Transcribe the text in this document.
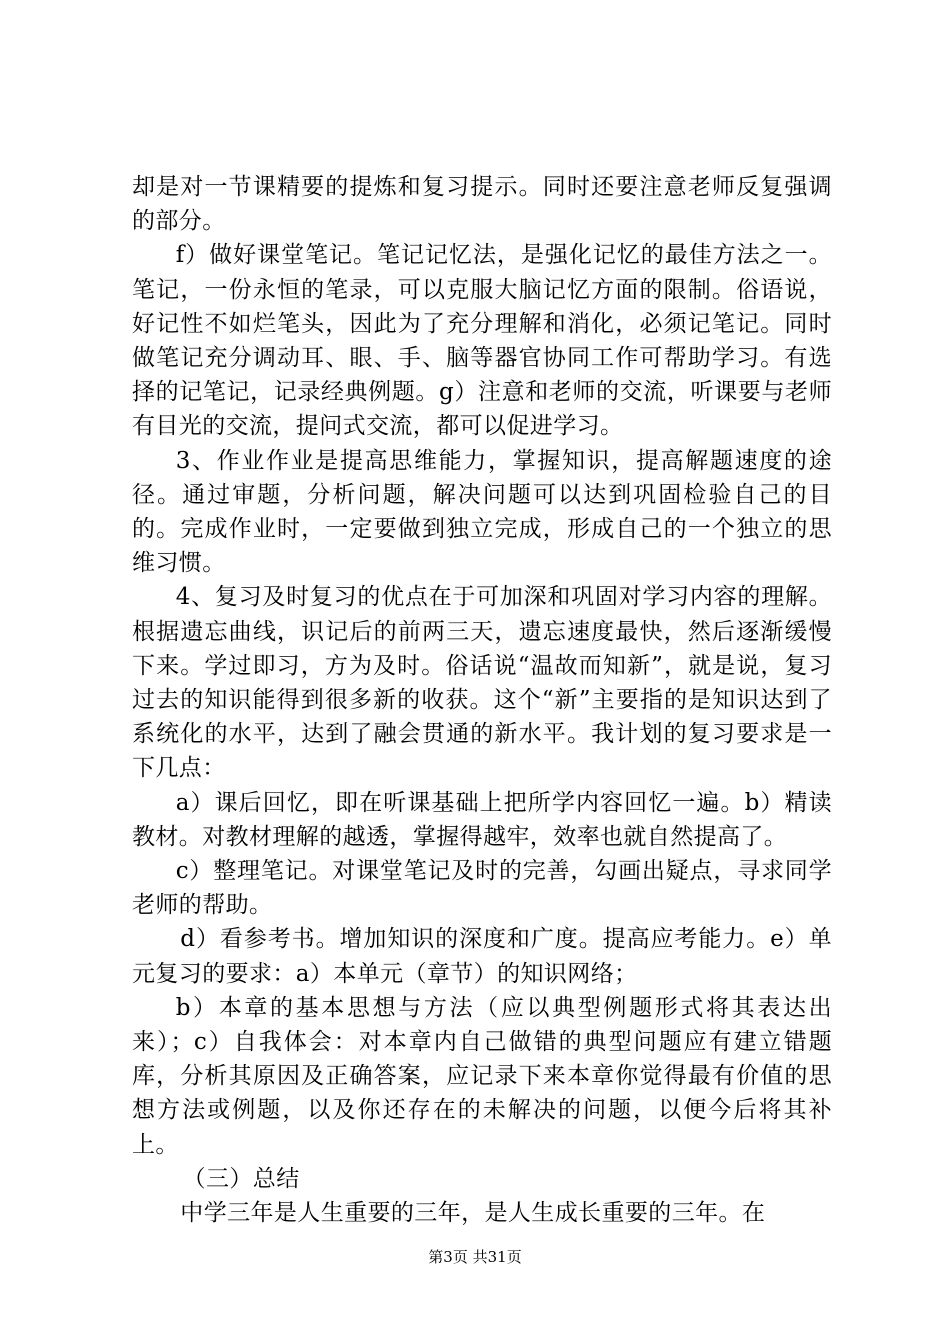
却是对一节课精要的提炼和复习提示。同时还要注意老师反复强调的部分。

f）做好课堂笔记。笔记记忆法，是强化记忆的最佳方法之一。笔记，一份永恒的笔录，可以克服大脑记忆方面的限制。俗语说，好记性不如烂笔头，因此为了充分理解和消化，必须记笔记。同时做笔记充分调动耳、眼、手、脑等器官协同工作可帮助学习。有选择的记笔记，记录经典例题。g）注意和老师的交流，听课要与老师有目光的交流，提问式交流，都可以促进学习。

3、作业作业是提高思维能力，掌握知识，提高解题速度的途径。通过审题，分析问题，解决问题可以达到巩固检验自己的目的。完成作业时，一定要做到独立完成，形成自己的一个独立的思维习惯。

4、复习及时复习的优点在于可加深和巩固对学习内容的理解。根据遗忘曲线，识记后的前两三天，遗忘速度最快，然后逐渐缓慢下来。学过即习，方为及时。俗话说“温故而知新”，就是说，复习过去的知识能得到很多新的收获。这个“新”主要指的是知识达到了系统化的水平，达到了融会贯通的新水平。我计划的复习要求是一下几点：

a）课后回忆，即在听课基础上把所学内容回忆一遍。b）精读教材。对教材理解的越透，掌握得越牢，效率也就自然提高了。

c）整理笔记。对课堂笔记及时的完善，勾画出疑点，寻求同学老师的帮助。

d）看参考书。增加知识的深度和广度。提高应考能力。e）单元复习的要求：a）本单元（章节）的知识网络；

b）本章的基本思想与方法（应以典型例题形式将其表达出来）；c）自我体会：对本章内自己做错的典型问题应有建立错题库，分析其原因及正确答案，应记录下来本章你觉得最有价值的思想方法或例题，以及你还存在的未解决的问题，以便今后将其补上。

（三）总结

中学三年是人生重要的三年，是人生成长重要的三年。在

第3页 共31页
